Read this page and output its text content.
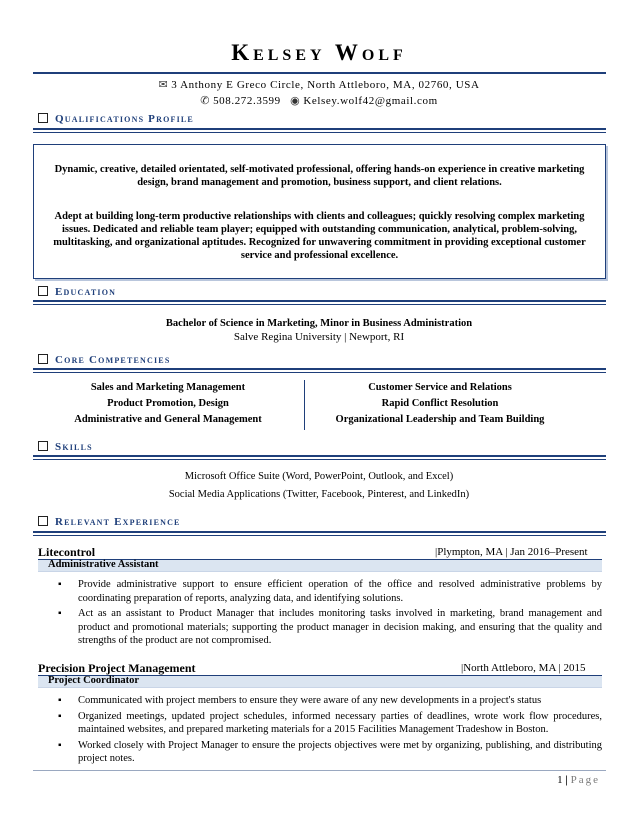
Kelsey Wolf
✉ 3 Anthony E Greco Circle, North Attleboro, MA, 02760, USA
✆ 508.272.3599 ◉ Kelsey.wolf42@gmail.com
Qualifications Profile
Dynamic, creative, detailed orientated, self-motivated professional, offering hands-on experience in creative marketing design, brand management and promotion, business support, and client relations.
Adept at building long-term productive relationships with clients and colleagues; quickly resolving complex marketing issues. Dedicated and reliable team player; equipped with outstanding communication, analytical, problem-solving, multitasking, and organizational aptitudes. Recognized for unwavering commitment in providing exceptional customer service and professional excellence.
Education
Bachelor of Science in Marketing, Minor in Business Administration
Salve Regina University | Newport, RI
Core Competencies
Sales and Marketing Management
Product Promotion, Design
Administrative and General Management
Customer Service and Relations
Rapid Conflict Resolution
Organizational Leadership and Team Building
Skills
Microsoft Office Suite (Word, PowerPoint, Outlook, and Excel)
Social Media Applications (Twitter, Facebook, Pinterest, and LinkedIn)
Relevant Experience
Litecontrol	|Plympton, MA | Jan 2016–Present
Administrative Assistant
▪ Provide administrative support to ensure efficient operation of the office and resolved administrative problems by coordinating preparation of reports, analyzing data, and identifying solutions.
▪ Act as an assistant to Product Manager that includes monitoring tasks involved in marketing, brand management and product and promotional materials; supporting the product manager in decision making, and ensuring that the quality and strengths of the product are not compromised.
Precision Project Management	|North Attleboro, MA | 2015
Project Coordinator
▪ Communicated with project members to ensure they were aware of any new developments in a project's status
▪ Organized meetings, updated project schedules, informed necessary parties of deadlines, wrote work flow procedures, maintained websites, and prepared marketing materials for a 2015 Facilities Management Tradeshow in Boston.
▪ Worked closely with Project Manager to ensure the projects objectives were met by organizing, publishing, and distributing project notes.
1 | Page
